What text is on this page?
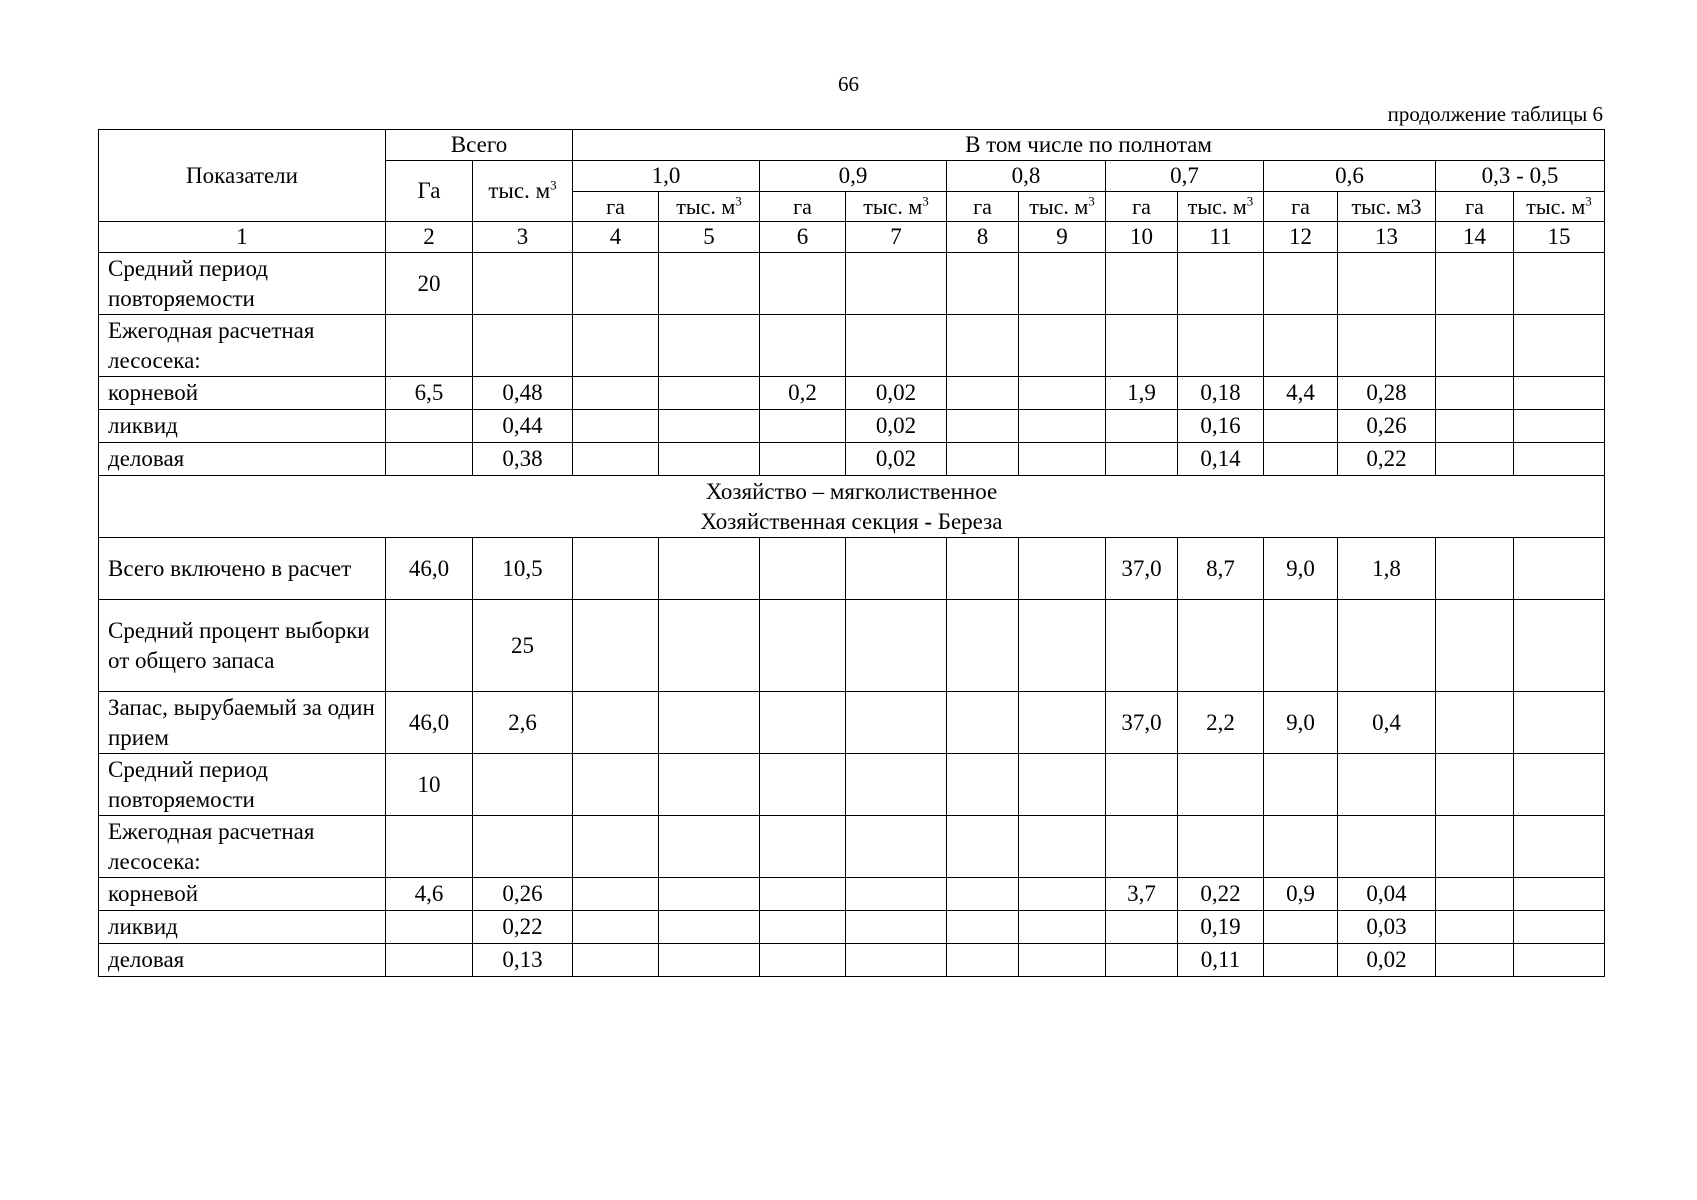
66
продолжение таблицы 6
Показатели	Всего		В том числе по полнотам											
	Га	тыс. $м^3$	1,0		0,9		0,8		0,7		0,6		0,3 - 0,5	
			га	тыс. $м^3$	га	тыс. $м^3$	га	тыс. $м^3$	га	тыс. $м^3$	га	тыс. м3	га	тыс. $м^3$
1	2	3	4	5	6	7	8	9	10	11	12	13	14	15
Средний период повторяемости	20													
Ежегодная расчетная лесосека:														
корневой	6,5	0,48			0,2	0,02			1,9	0,18	4,4	0,28		
ликвид		0,44				0,02				0,16		0,26		
деловая		0,38				0,02				0,14		0,22		

Хозяйство – мягколиственное
Хозяйственная секция - Береза														

Всего включено в расчет	46,0	10,5							37,0	8,7	9,0	1,8		
Средний процент выборки от общего запаса		25												
Запас, вырубаемый за один прием	46,0	2,6							37,0	2,2	9,0	0,4		
Средний период повторяемости	10													
Ежегодная расчетная лесосека:														
корневой	4,6	0,26							3,7	0,22	0,9	0,04		
ликвид		0,22								0,19		0,03		
деловая		0,13								0,11		0,02		
